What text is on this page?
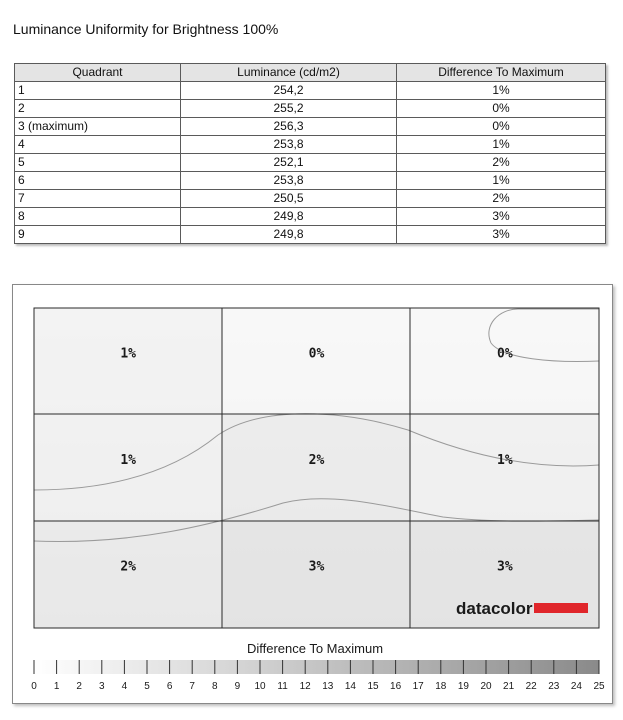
Luminance Uniformity for Brightness 100%
Quadrant	Luminance (cd/m2)	Difference To Maximum
1	254,2	1%
2	255,2	0%
3 (maximum)	256,3	0%
4	253,8	1%
5	252,1	2%
6	253,8	1%
7	250,5	2%
8	249,8	3%
9	249,8	3%
1%	0%	0%
1%	2%	1%
2%	3%	3%
datacolor
Difference To Maximum
0 1 2 3 4 5 6 7 8 9 10 11 12 13 14 15 16 17 18 19 20 21 22 23 24 25
